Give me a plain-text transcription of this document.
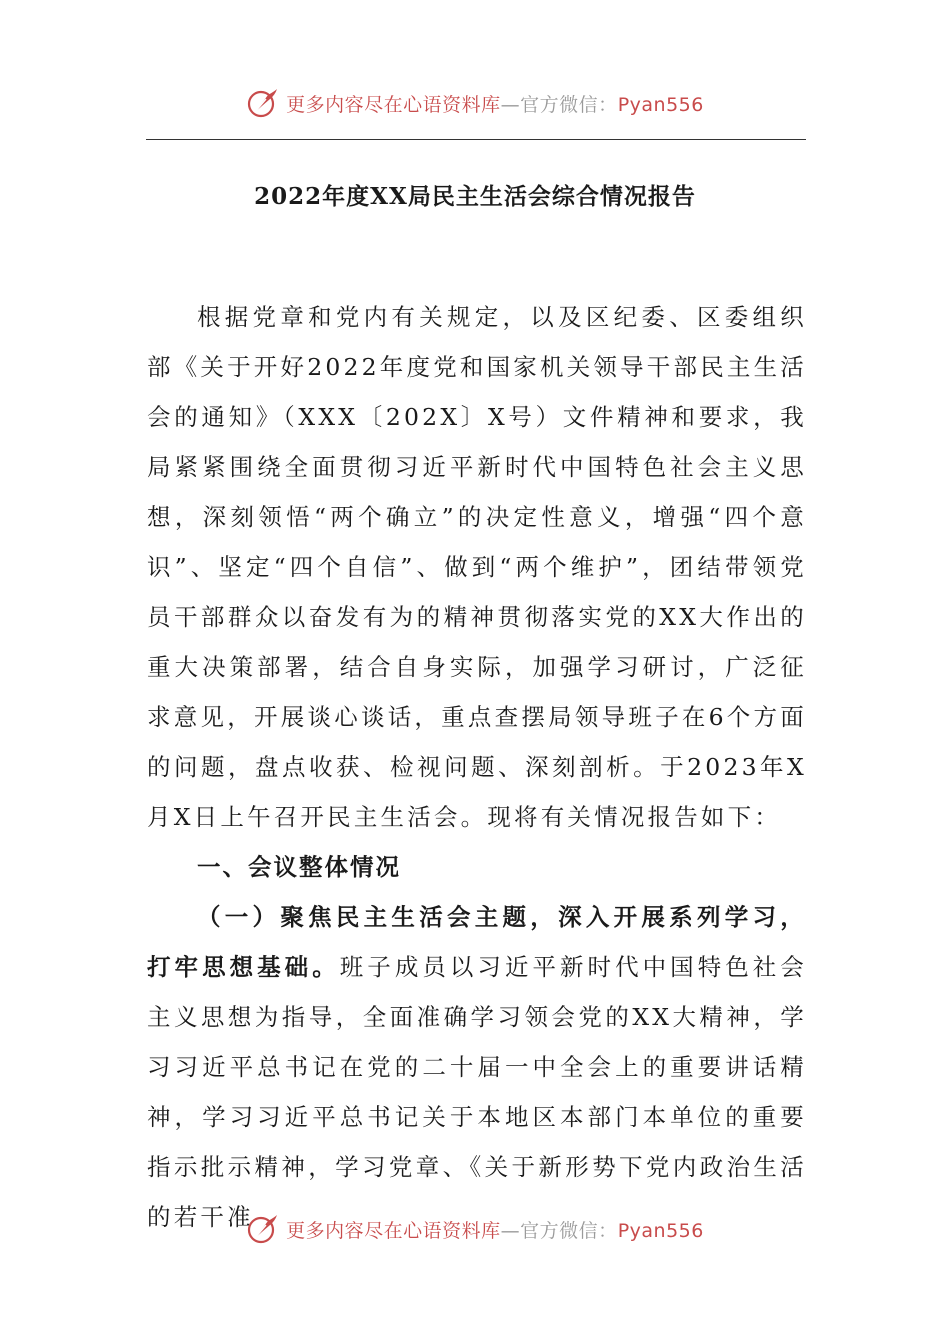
更多内容尽在心语资料库—官方微信：Pyan556
2022年度XX局民主生活会综合情况报告

根据党章和党内有关规定，以及区纪委、区委组织部《关于开好2022年度党和国家机关领导干部民主生活会的通知》（XXX〔202X〕X号）文件精神和要求，我局紧紧围绕全面贯彻习近平新时代中国特色社会主义思想，深刻领悟“两个确立”的决定性意义，增强“四个意识”、坚定“四个自信”、做到“两个维护”，团结带领党员干部群众以奋发有为的精神贯彻落实党的XX大作出的重大决策部署，结合自身实际，加强学习研讨，广泛征求意见，开展谈心谈话，重点查摆局领导班子在6个方面的问题，盘点收获、检视问题、深刻剖析。于2023年X月X日上午召开民主生活会。现将有关情况报告如下：

一、会议整体情况

（一）聚焦民主生活会主题，深入开展系列学习，打牢思想基础。班子成员以习近平新时代中国特色社会主义思想为指导，全面准确学习领会党的XX大精神，学习习近平总书记在党的二十届一中全会上的重要讲话精神，学习习近平总书记关于本地区本部门本单位的重要指示批示精神，学习党章、《关于新形势下党内政治生活的若干准	更多内容尽在心语资料库—官方微信：Pyan556
